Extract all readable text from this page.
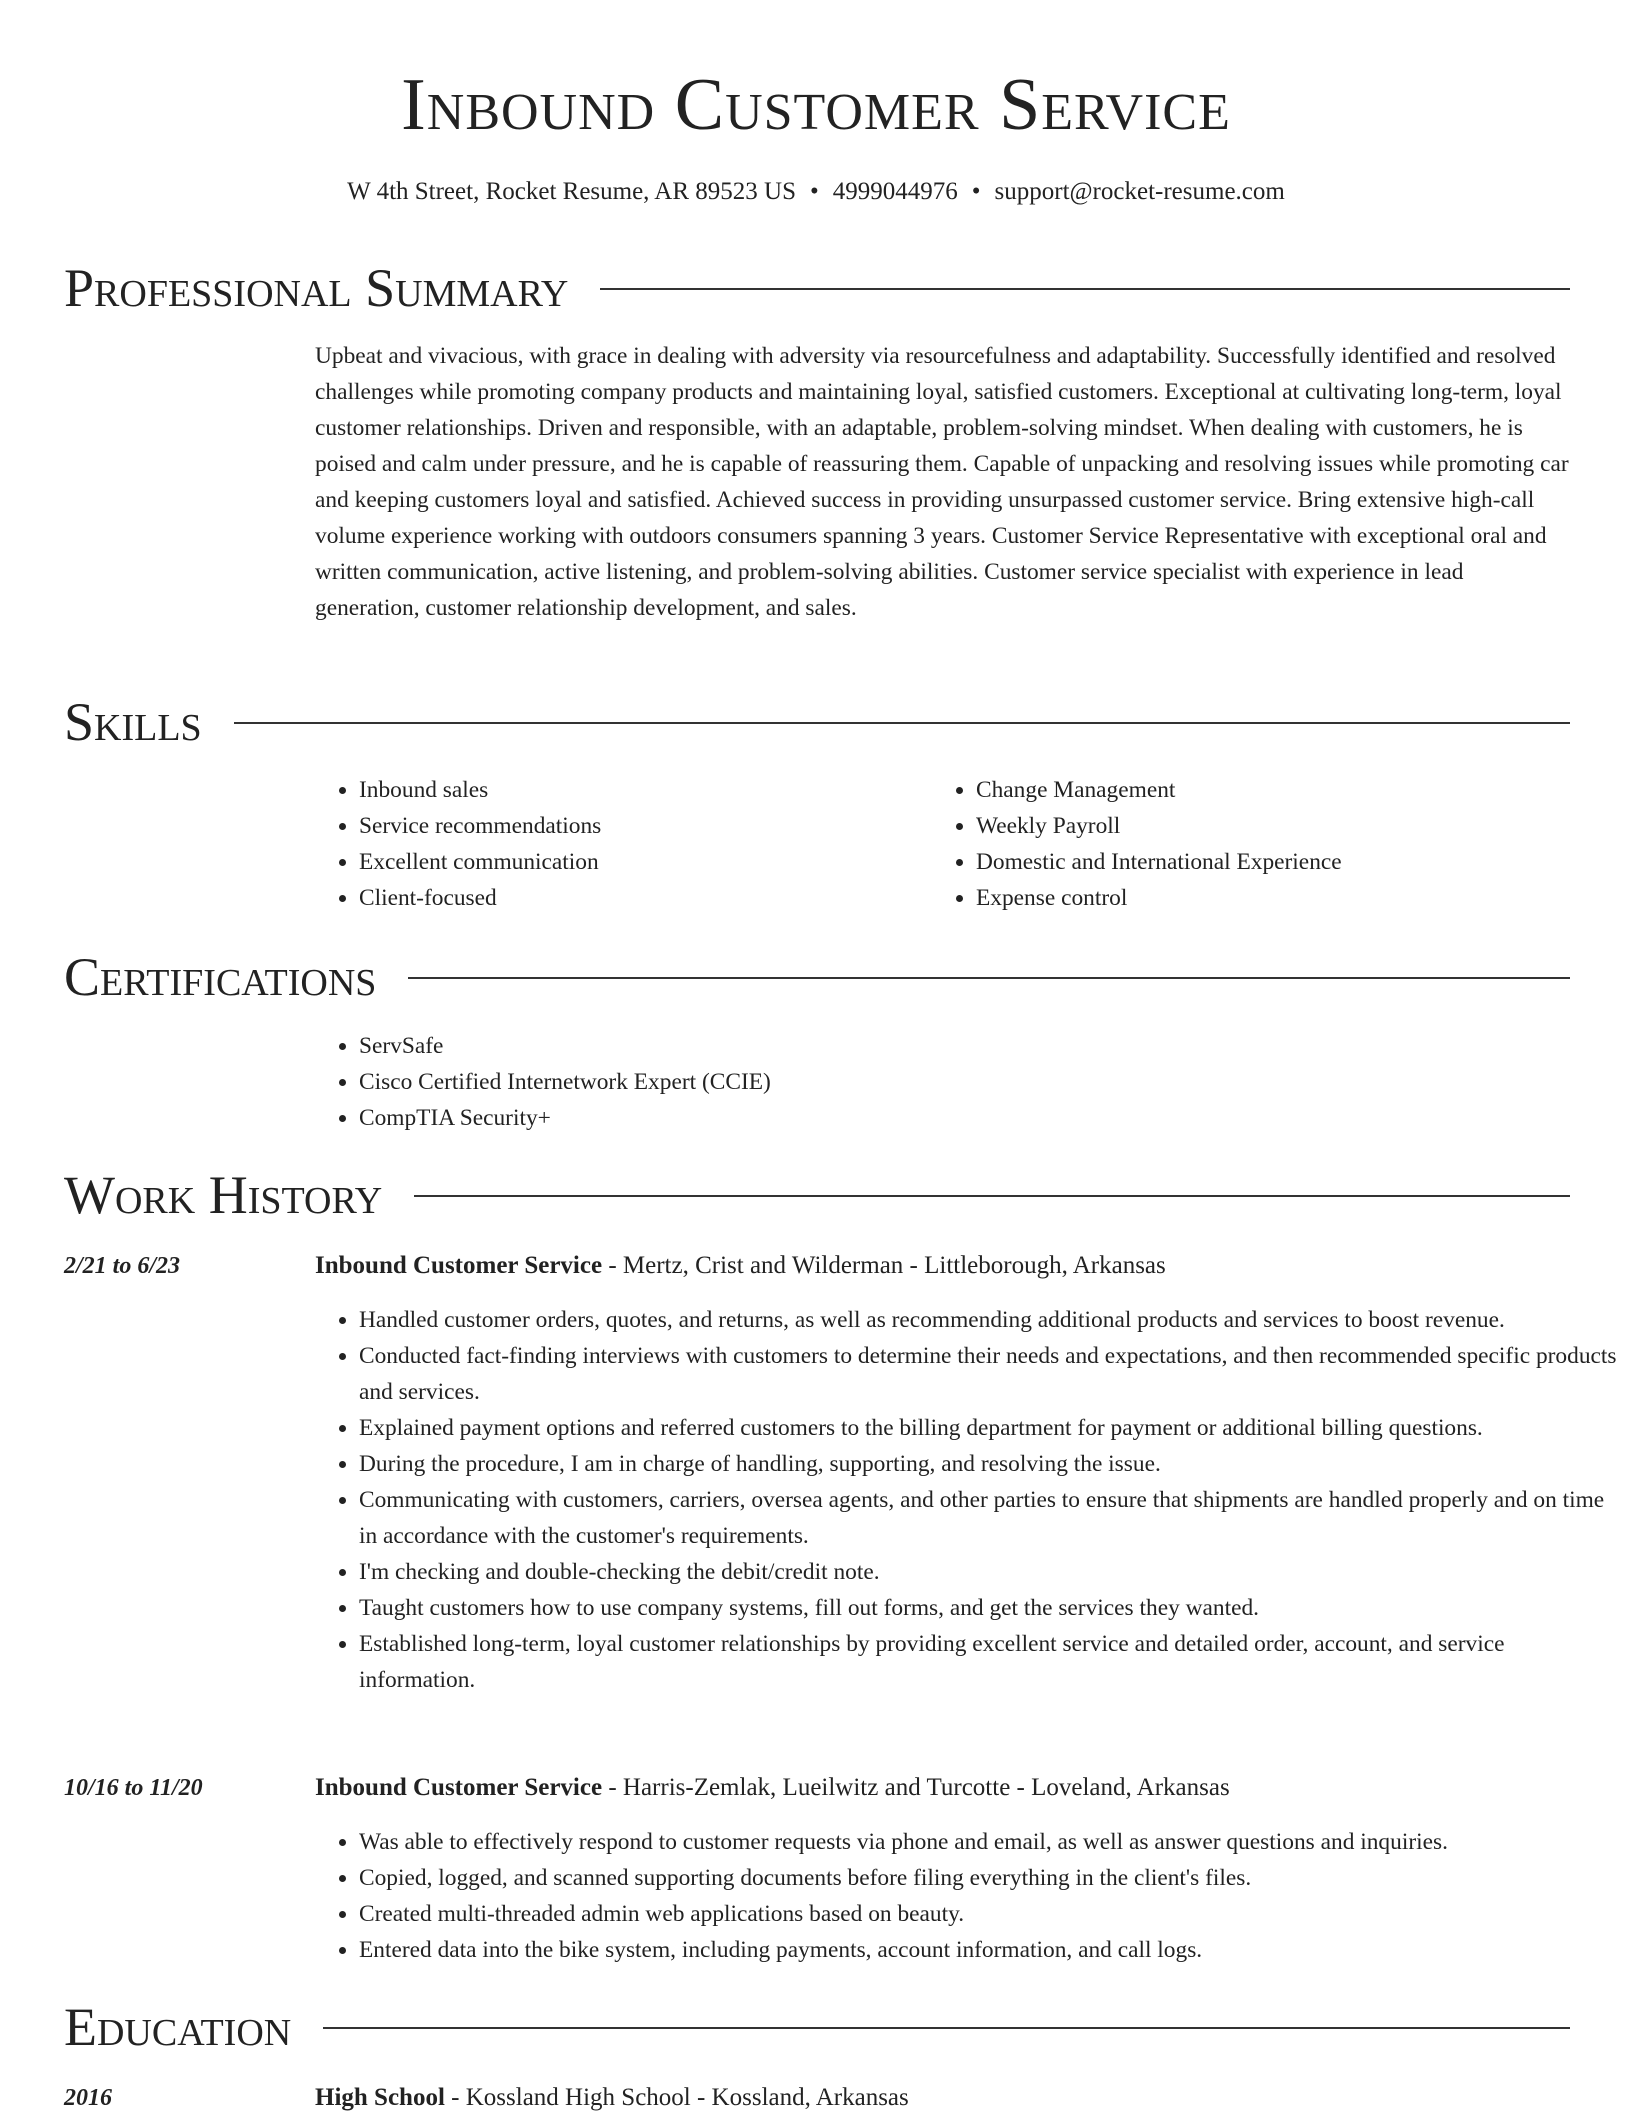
Inbound Customer Service
W 4th Street, Rocket Resume, AR 89523 US • 4999044976 • support@rocket-resume.com
Professional Summary

Upbeat and vivacious, with grace in dealing with adversity via resourcefulness and adaptability. Successfully identified and resolved challenges while promoting company products and maintaining loyal, satisfied customers. Exceptional at cultivating long-term, loyal customer relationships. Driven and responsible, with an adaptable, problem-solving mindset. When dealing with customers, he is poised and calm under pressure, and he is capable of reassuring them. Capable of unpacking and resolving issues while promoting car and keeping customers loyal and satisfied. Achieved success in providing unsurpassed customer service. Bring extensive high-call volume experience working with outdoors consumers spanning 3 years. Customer Service Representative with exceptional oral and written communication, active listening, and problem-solving abilities. Customer service specialist with experience in lead generation, customer relationship development, and sales.

Skills
• Inbound sales
• Service recommendations
• Excellent communication
• Client-focused
• Change Management
• Weekly Payroll
• Domestic and International Experience
• Expense control
Certifications
• ServSafe
• Cisco Certified Internetwork Expert (CCIE)
• CompTIA Security+
Work History
2/21 to 6/23	Inbound Customer Service - Mertz, Crist and Wilderman - Littleborough, Arkansas
• Handled customer orders, quotes, and returns, as well as recommending additional products and services to boost revenue.
• Conducted fact-finding interviews with customers to determine their needs and expectations, and then recommended specific products and services.
• Explained payment options and referred customers to the billing department for payment or additional billing questions.
• During the procedure, I am in charge of handling, supporting, and resolving the issue.
• Communicating with customers, carriers, oversea agents, and other parties to ensure that shipments are handled properly and on time in accordance with the customer's requirements.
• I'm checking and double-checking the debit/credit note.
• Taught customers how to use company systems, fill out forms, and get the services they wanted.
• Established long-term, loyal customer relationships by providing excellent service and detailed order, account, and service information.
10/16 to 11/20	Inbound Customer Service - Harris-Zemlak, Lueilwitz and Turcotte - Loveland, Arkansas
• Was able to effectively respond to customer requests via phone and email, as well as answer questions and inquiries.
• Copied, logged, and scanned supporting documents before filing everything in the client's files.
• Created multi-threaded admin web applications based on beauty.
• Entered data into the bike system, including payments, account information, and call logs.
Education
2016	High School - Kossland High School - Kossland, Arkansas
